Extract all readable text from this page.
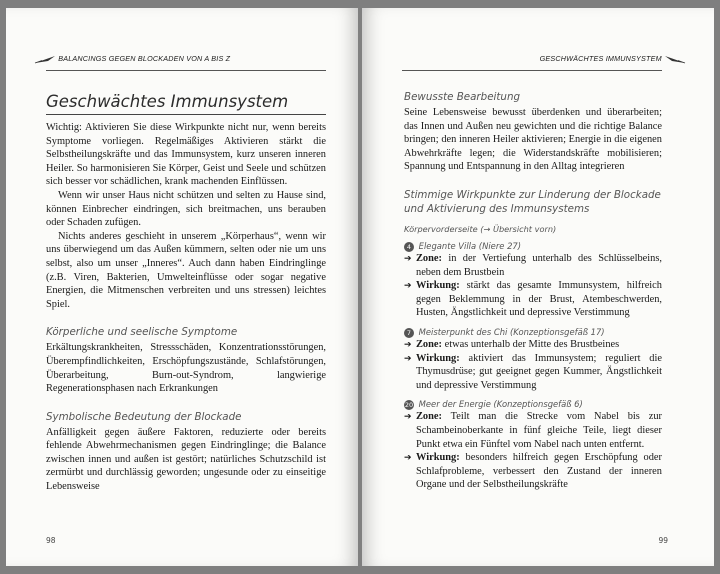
BALANCINGS GEGEN BLOCKADEN VON A BIS Z
Geschwächtes Immunsystem

Wichtig: Aktivieren Sie diese Wirkpunkte nicht nur, wenn bereits Symptome vorliegen. Regelmäßiges Aktivieren stärkt die Selbstheilungskräfte und das Immunsystem, kurz unseren inneren Heiler. So harmonisieren Sie Körper, Geist und Seele und schützen sich besser vor schädlichen, krank machenden Einflüssen.

Wenn wir unser Haus nicht schützen und selten zu Hause sind, können Einbrecher eindringen, sich breitmachen, uns berauben oder Schaden zufügen.

Nichts anderes geschieht in unserem „Körperhaus“, wenn wir uns überwiegend um das Außen kümmern, selten oder nie um uns selbst, also um unser „Inneres“. Auch dann haben Eindringlinge (z.B. Viren, Bakterien, Umwelteinflüsse oder sogar negative Energien, die Mitmenschen verbreiten und uns stressen) leichtes Spiel.

Körperliche und seelische Symptome

Erkältungskrankheiten, Stressschäden, Konzentrationsstörungen, Überempfindlichkeiten, Erschöpfungszustände, Schlafstörungen, Überarbeitung, Burn-out-Syndrom, langwierige Regenerationsphasen nach Erkrankungen

Symbolische Bedeutung der Blockade

Anfälligkeit gegen äußere Faktoren, reduzierte oder bereits fehlende Abwehrmechanismen gegen Eindringlinge; die Balance zwischen innen und außen ist gestört; natürliches Schutzschild ist zermürbt und durchlässig geworden; ungesunde oder zu einseitige Lebensweise

98
GESCHWÄCHTES IMMUNSYSTEM
Bewusste Bearbeitung

Seine Lebensweise bewusst überdenken und überarbeiten; das Innen und Außen neu gewichten und die richtige Balance bringen; den inneren Heiler aktivieren; Energie in die eigenen Abwehrkräfte legen; die Widerstandskräfte mobilisieren; Spannung und Entspannung in den Alltag integrieren

Stimmige Wirkpunkte zur Linderung der Blockade und Aktivierung des Immunsystems
Körpervorderseite (→ Übersicht vorn)
4 Elegante Villa (Niere 27)
➔ Zone: in der Vertiefung unterhalb des Schlüsselbeins, neben dem Brustbein
➔ Wirkung: stärkt das gesamte Immunsystem, hilfreich gegen Beklemmung in der Brust, Atembeschwerden, Husten, Ängstlichkeit und depressive Verstimmung
7 Meisterpunkt des Chi (Konzeptionsgefäß 17)
➔ Zone: etwas unterhalb der Mitte des Brustbeines
➔ Wirkung: aktiviert das Immunsystem; reguliert die Thymusdrüse; gut geeignet gegen Kummer, Ängstlichkeit und depressive Verstimmung
20 Meer der Energie (Konzeptionsgefäß 6)
➔ Zone: Teilt man die Strecke vom Nabel bis zur Schambeinoberkante in fünf gleiche Teile, liegt dieser Punkt etwa ein Fünftel vom Nabel nach unten entfernt.
➔ Wirkung: besonders hilfreich gegen Erschöpfung oder Schlafprobleme, verbessert den Zustand der inneren Organe und der Selbstheilungskräfte
99
